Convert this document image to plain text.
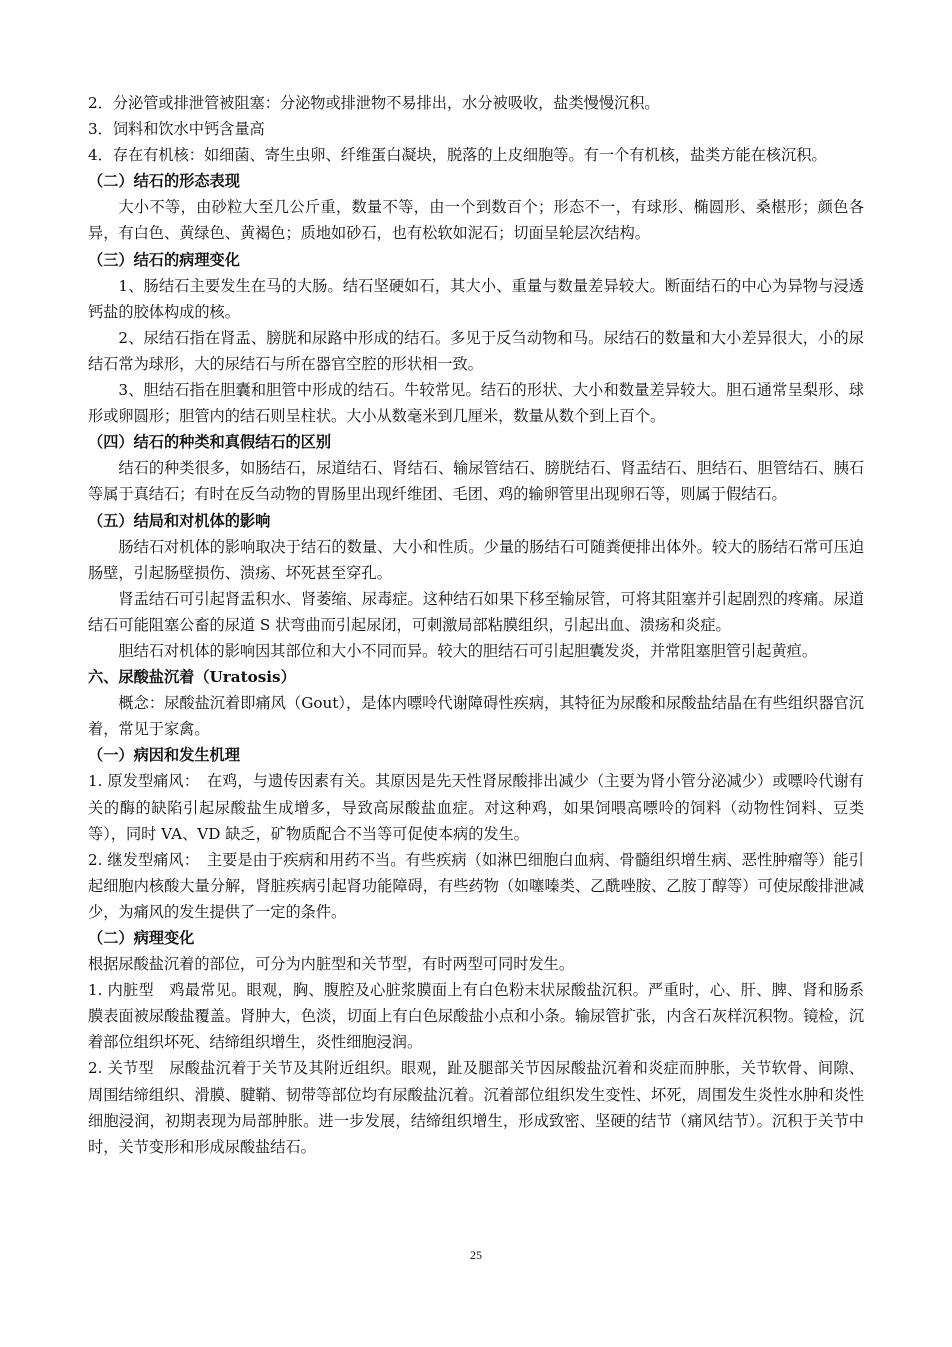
2．分泌管或排泄管被阻塞：分泌物或排泄物不易排出，水分被吸收，盐类慢慢沉积。

3．饲料和饮水中钙含量高

4．存在有机核：如细菌、寄生虫卵、纤维蛋白凝块，脱落的上皮细胞等。有一个有机核，盐类方能在核沉积。

（二）结石的形态表现

大小不等，由砂粒大至几公斤重，数量不等，由一个到数百个；形态不一，有球形、椭圆形、桑椹形；颜色各异，有白色、黄绿色、黄褐色；质地如砂石，也有松软如泥石；切面呈轮层次结构。

（三）结石的病理变化

1、肠结石主要发生在马的大肠。结石坚硬如石，其大小、重量与数量差异较大。断面结石的中心为异物与浸透钙盐的胶体构成的核。

2、尿结石指在肾盂、膀胱和尿路中形成的结石。多见于反刍动物和马。尿结石的数量和大小差异很大，小的尿结石常为球形，大的尿结石与所在器官空腔的形状相一致。

3、胆结石指在胆囊和胆管中形成的结石。牛较常见。结石的形状、大小和数量差异较大。胆石通常呈梨形、球形或卵圆形；胆管内的结石则呈柱状。大小从数毫米到几厘米，数量从数个到上百个。

（四）结石的种类和真假结石的区别

结石的种类很多，如肠结石，尿道结石、肾结石、输尿管结石、膀胱结石、肾盂结石、胆结石、胆管结石、胰石等属于真结石；有时在反刍动物的胃肠里出现纤维团、毛团、鸡的输卵管里出现卵石等，则属于假结石。

（五）结局和对机体的影响

肠结石对机体的影响取决于结石的数量、大小和性质。少量的肠结石可随粪便排出体外。较大的肠结石常可压迫肠壁，引起肠壁损伤、溃疡、坏死甚至穿孔。

肾盂结石可引起肾盂积水、肾萎缩、尿毒症。这种结石如果下移至输尿管，可将其阻塞并引起剧烈的疼痛。尿道结石可能阻塞公畜的尿道 S 状弯曲而引起尿闭，可刺激局部粘膜组织，引起出血、溃疡和炎症。

胆结石对机体的影响因其部位和大小不同而异。较大的胆结石可引起胆囊发炎，并常阻塞胆管引起黄疸。

六、尿酸盐沉着（Uratosis）

概念：尿酸盐沉着即痛风（Gout），是体内嘌呤代谢障碍性疾病，其特征为尿酸和尿酸盐结晶在有些组织器官沉着，常见于家禽。

（一）病因和发生机理

1. 原发型痛风：　在鸡，与遗传因素有关。其原因是先天性肾尿酸排出减少（主要为肾小管分泌减少）或嘌呤代谢有关的酶的缺陷引起尿酸盐生成增多，导致高尿酸盐血症。对这种鸡，如果饲喂高嘌呤的饲料（动物性饲料、豆类等），同时 VA、VD 缺乏，矿物质配合不当等可促使本病的发生。

2. 继发型痛风：　主要是由于疾病和用药不当。有些疾病（如淋巴细胞白血病、骨髓组织增生病、恶性肿瘤等）能引起细胞内核酸大量分解，肾脏疾病引起肾功能障碍，有些药物（如噻嗪类、乙酰唑胺、乙胺丁醇等）可使尿酸排泄减少，为痛风的发生提供了一定的条件。

（二）病理变化

根据尿酸盐沉着的部位，可分为内脏型和关节型，有时两型可同时发生。

1. 内脏型　鸡最常见。眼观，胸、腹腔及心脏浆膜面上有白色粉末状尿酸盐沉积。严重时，心、肝、脾、肾和肠系膜表面被尿酸盐覆盖。肾肿大，色淡，切面上有白色尿酸盐小点和小条。输尿管扩张，内含石灰样沉积物。镜检，沉着部位组织坏死、结缔组织增生，炎性细胞浸润。

2. 关节型　尿酸盐沉着于关节及其附近组织。眼观，趾及腿部关节因尿酸盐沉着和炎症而肿胀，关节软骨、间隙、周围结缔组织、滑膜、腱鞘、韧带等部位均有尿酸盐沉着。沉着部位组织发生变性、坏死，周围发生炎性水肿和炎性细胞浸润，初期表现为局部肿胀。进一步发展，结缔组织增生，形成致密、坚硬的结节（痛风结节）。沉积于关节中时，关节变形和形成尿酸盐结石。

25
